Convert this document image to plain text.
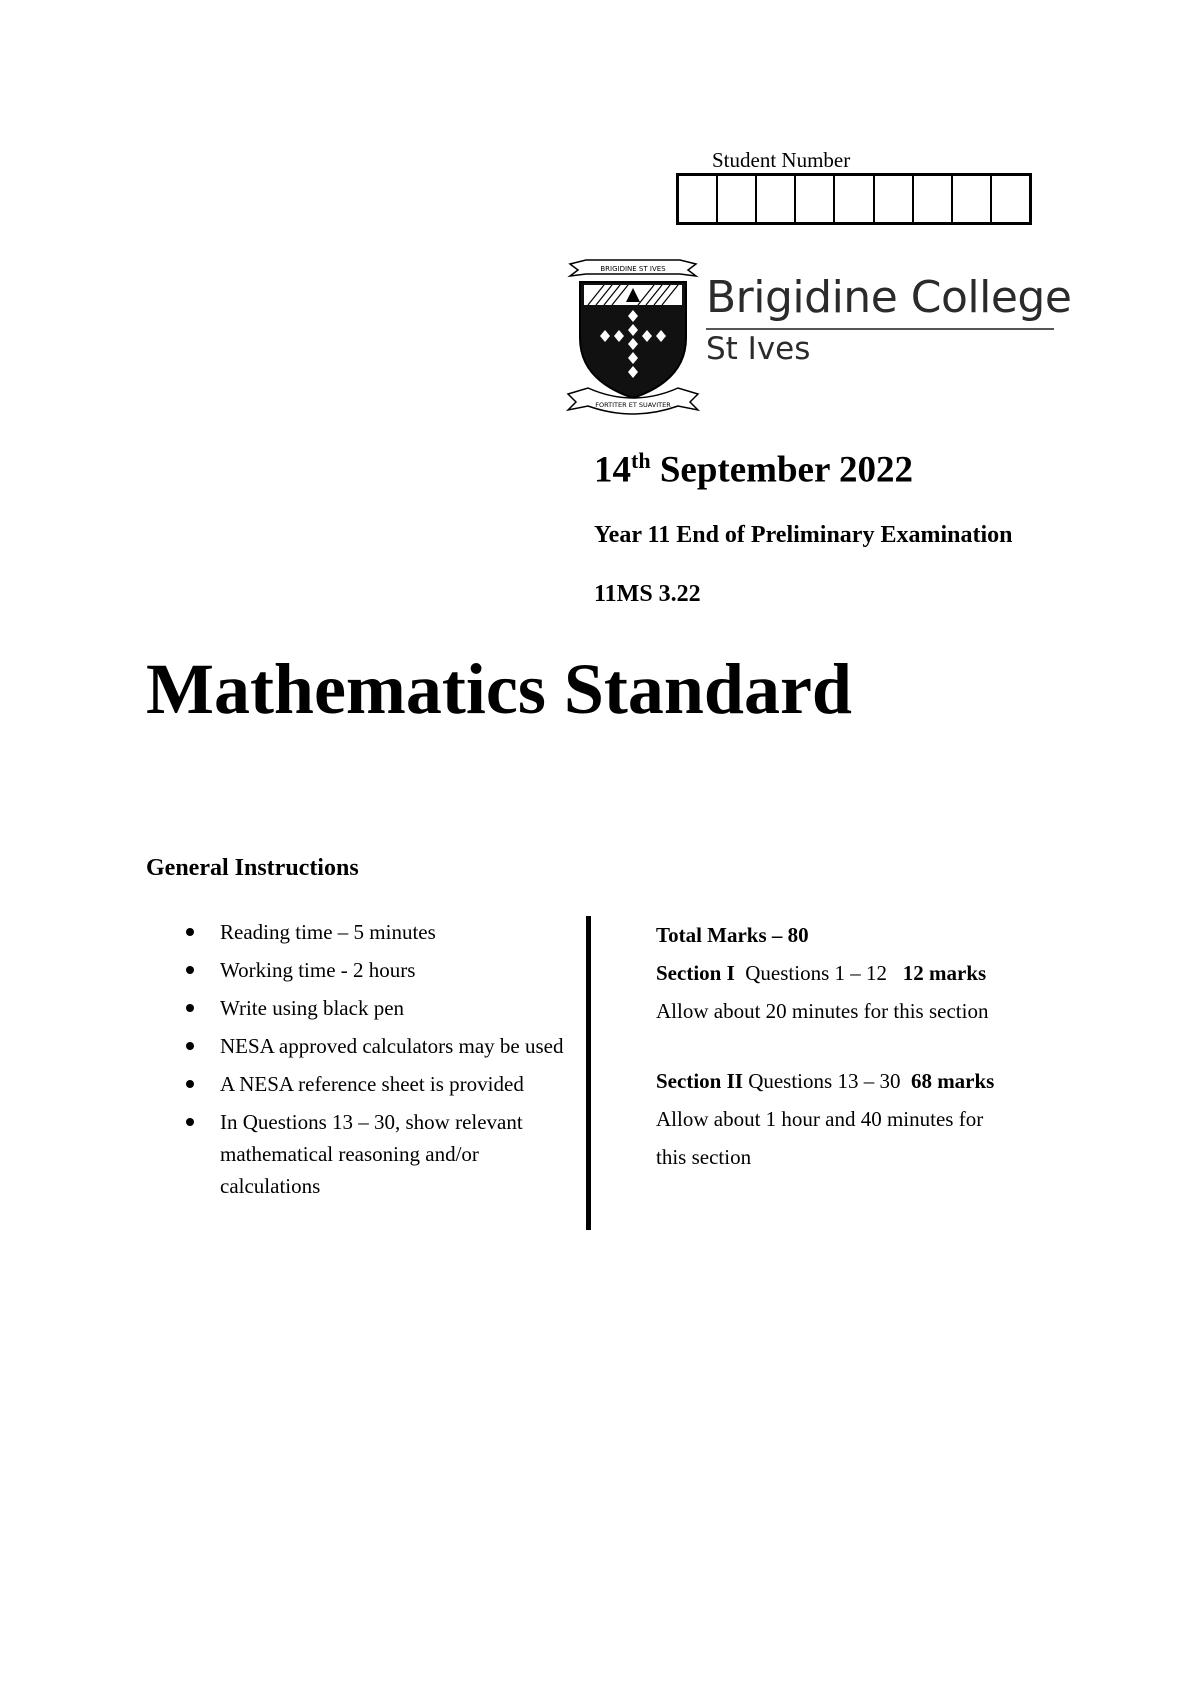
Student Number
BRIGIDINE ST IVES
FORTITER ET SUAVITER
Brigidine College
St Ives
14th September 2022
Year 11 End of Preliminary Examination
11MS 3.22
Mathematics Standard
General Instructions
Reading time – 5 minutes
Working time - 2 hours
Write using black pen
NESA approved calculators may be used
A NESA reference sheet is provided
In Questions 13 – 30, show relevant mathematical reasoning and/or calculations
Total Marks – 80
Section I Questions 1 – 12 12 marks
Allow about 20 minutes for this section
Section II Questions 13 – 30 68 marks
Allow about 1 hour and 40 minutes for
this section
